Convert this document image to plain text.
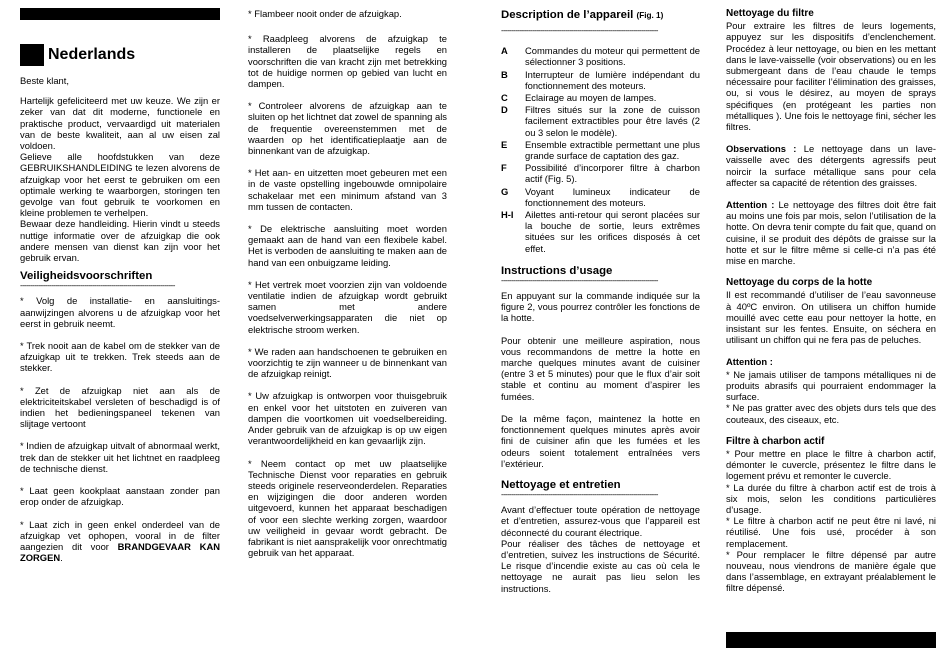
Nederlands

Beste klant,

Hartelijk gefeliciteerd met uw keuze. We zijn er zeker van dat dit moderne, functionele en praktische product, vervaardigd uit materialen van de beste kwaliteit, aan al uw eisen zal voldoen.

Gelieve alle hoofdstukken van deze GEBRUIKSHANDLEIDING te lezen alvorens de afzuigkap voor het eerst te gebruiken om een optimale werking te waarborgen, storingen ten gevolge van fout gebruik te voorkomen en kleine problemen te verhelpen.

Bewaar deze handleiding. Hierin vindt u steeds nuttige informatie over de afzuigkap die ook andere mensen van dienst kan zijn voor het gebruik ervan.

Veiligheidsvoorschriften
---------------------------------------------------------------------------

* Volg de installatie- en aansluitings-aanwijzingen alvorens u de afzuigkap voor het eerst in gebruik neemt.

* Trek nooit aan de kabel om de stekker van de afzuigkap uit te trekken. Trek steeds aan de stekker.

* Zet de afzuigkap niet aan als de elektriciteitskabel versleten of beschadigd is of indien het bedieningspaneel tekenen van slijtage vertoont

* Indien de afzuigkap uitvalt of abnormaal werkt, trek dan de stekker uit het lichtnet en raadpleeg de technische dienst.

* Laat geen kookplaat aanstaan zonder pan erop onder de afzuigkap.

* Laat zich in geen enkel onderdeel van de afzuigkap vet ophopen, vooral in de filter aangezien dit voor BRANDGEVAAR KAN ZORGEN.

* Flambeer nooit onder de afzuigkap.

* Raadpleeg alvorens de afzuigkap te installeren de plaatselijke regels en voorschriften die van kracht zijn met betrekking tot de huidige normen op gebied van lucht en dampen.

* Controleer alvorens de afzuigkap aan te sluiten op het lichtnet dat zowel de spanning als de frequentie overeenstemmen met de waarden op het identificatieplaatje aan de binnenkant van de afzuigkap.

* Het aan- en uitzetten moet gebeuren met een in de vaste opstelling ingebouwde omnipolaire schakelaar met een minimum afstand van 3 mm tussen de contacten.

* De elektrische aansluiting moet worden gemaakt aan de hand van een flexibele kabel. Het is verboden de aansluiting te maken aan de hand van een onbuigzame leiding.

* Het vertrek moet voorzien zijn van voldoende ventilatie indien de afzuigkap wordt gebruikt samen met andere voedselverwerkingsapparaten die niet op elektrische stroom werken.

* We raden aan handschoenen te gebruiken en voorzichtig te zijn wanneer u de binnenkant van de afzuigkap reinigt.

* Uw afzuigkap is ontworpen voor thuisgebruik en enkel voor het uitstoten en zuiveren van dampen die voortkomen uit voedselbereiding. Ander gebruik van de afzuigkap is op uw eigen verantwoordelijkheid en kan gevaarlijk zijn.

* Neem contact op met uw plaatselijke Technische Dienst voor reparaties en gebruik steeds originele reserveonderdelen. Reparaties en wijzigingen die door anderen worden uitgevoerd, kunnen het apparaat beschadigen of voor een slechte werking zorgen, waardoor uw veiligheid in gevaar wordt gebracht. De fabrikant is niet aansprakelijk voor onrechtmatig gebruik van het apparaat.

Description de l’appareil (Fig. 1)
----------------------------------------------------------------------------
A	Commandes du moteur qui permettent de sélectionner 3 positions.
B	Interrupteur de lumière indépendant du fonctionnement des moteurs.
C	Eclairage au moyen de lampes.
D	Filtres situés sur la zone de cuisson facilement extractibles pour être lavés (2 ou 3 selon le modèle).
E	Ensemble extractible permettant une plus grande surface de captation des gaz.
F	Possibilité d’incorporer filtre à charbon actif (Fig. 5).
G	Voyant lumineux indicateur de fonctionnement des moteurs.
H-I	Ailettes anti-retour qui seront placées sur la bouche de sortie, leurs extrêmes situées sur les orifices disposés à cet effet.
Instructions d’usage
----------------------------------------------------------------------------

En appuyant sur la commande indiquée sur la figure 2, vous pourrez contrôler les fonctions de la hotte.

Pour obtenir une meilleure aspiration, nous vous recommandons de mettre la hotte en marche quelques minutes avant de cuisiner (entre 3 et 5 minutes) pour que le flux d’air soit stable et continu au moment d’aspirer les fumées.

De la même façon, maintenez la hotte en fonctionnement quelques minutes après avoir fini de cuisiner afin que les fumées et les odeurs soient totalement entraînées vers l’extérieur.

Nettoyage et entretien
----------------------------------------------------------------------------

Avant d’effectuer toute opération de nettoyage et d’entretien, assurez-vous que l’appareil est déconnecté du courant électrique.

Pour réaliser des tâches de nettoyage et d’entretien, suivez les instructions de Sécurité. Le risque d’incendie existe au cas où cela le nettoyage ne aurait pas lieu selon les instructions.

Nettoyage du filtre

Pour extraire les filtres de leurs logements, appuyez sur les dispositifs d’enclenchement. Procédez à leur nettoyage, ou bien en les mettant dans le lave-vaisselle (voir observations) ou en les submergeant dans de l’eau chaude le temps nécessaire pour faciliter l’élimination des graisses, ou, si vous le désirez, au moyen de sprays spécifiques (en protégeant les parties non métalliques ). Une fois le nettoyage fini, sécher les filtres.

Observations : Le nettoyage dans un lave-vaisselle avec des détergents agressifs peut noircir la surface métallique sans pour cela affecter sa capacité de rétention des graisses.

Attention : Le nettoyage des filtres doit être fait au moins une fois par mois, selon l’utilisation de la hotte. On devra tenir compte du fait que, quand on cuisine, il se produit des dépôts de graisse sur la hotte et sur le filtre même si celle-ci n’a pas été mise en marche.

Nettoyage du corps de la hotte

Il est recommandé d’utiliser de l’eau savonneuse à 40ºC environ. On utilisera un chiffon humide mouillé avec cette eau pour nettoyer la hotte, en insistant sur les fentes. Ensuite, on séchera en utilisant un chiffon qui ne fera pas de peluches.

Attention :

* Ne jamais utiliser de tampons métalliques ni de produits abrasifs qui pourraient endommager la surface.

* Ne pas gratter avec des objets durs tels que des couteaux, des ciseaux, etc.

Filtre à charbon actif

* Pour mettre en place le filtre à charbon actif, démonter le cuvercle, présentez le filtre dans le logement prévu et remonter le cuvercle.

* La durée du filtre à charbon actif est de trois à six mois, selon les conditions particulières d’usage.

* Le filtre à charbon actif ne peut être ni lavé, ni réutilisé. Une fois usé, procéder à son remplacement.

* Pour remplacer le filtre dépensé par autre nouveau, nous viendrons de manière égale que dans l’assemblage, en extrayant préalablement le filtre dépensé.
